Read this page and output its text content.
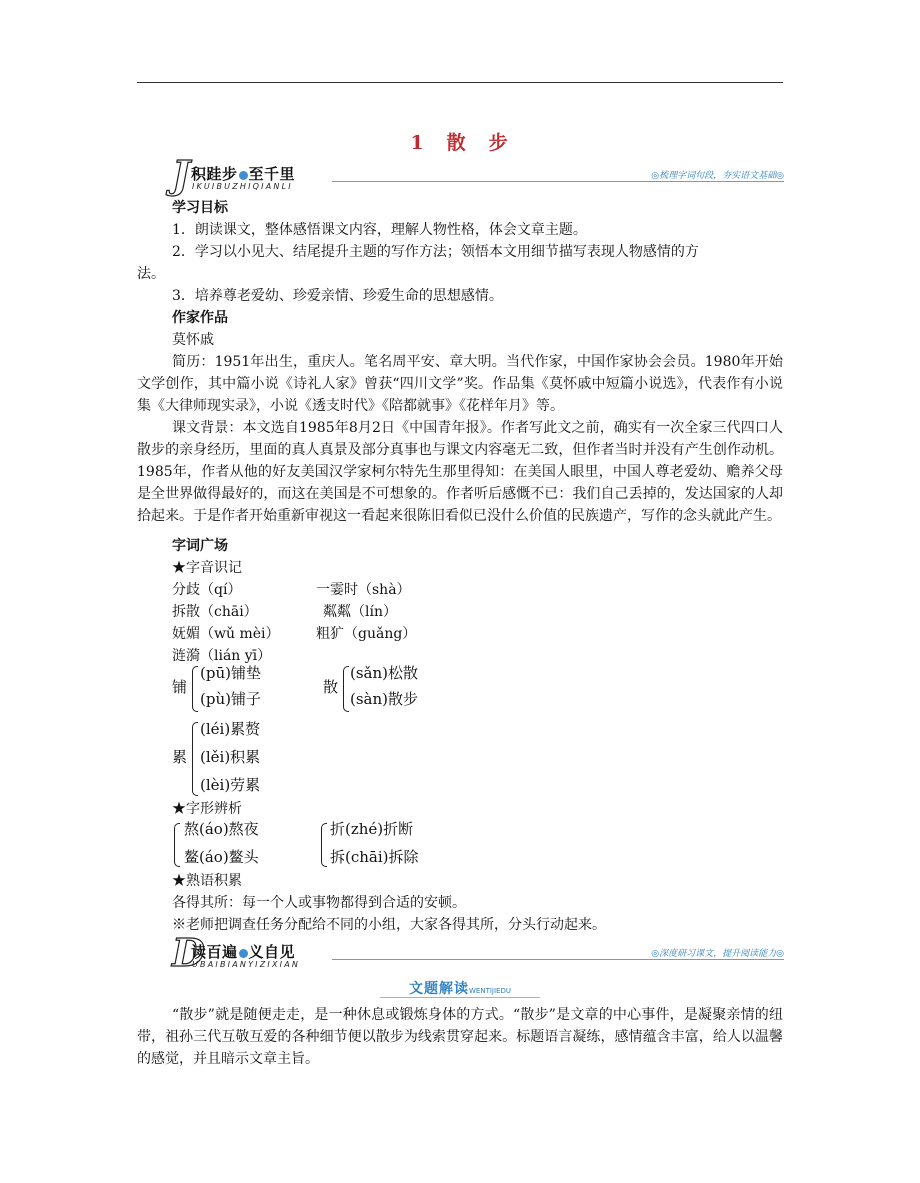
1　散　步
J 积跬步 至千里
IKUIBUZHIQIANLI
◎梳理字词句段，夯实语文基础◎
学习目标
1．朗读课文，整体感悟课文内容，理解人物性格，体会文章主题。
2．学习以小见大、结尾提升主题的写作方法；领悟本文用细节描写表现人物感情的方
法。
3．培养尊老爱幼、珍爱亲情、珍爱生命的思想感情。
作家作品
莫怀戚
简历：1951年出生，重庆人。笔名周平安、章大明。当代作家，中国作家协会会员。1980年开始文学创作，其中篇小说《诗礼人家》曾获“四川文学”奖。作品集《莫怀戚中短篇小说选》，代表作有小说集《大律师现实录》，小说《透支时代》《陪都就事》《花样年月》等。
课文背景：本文选自1985年8月2日《中国青年报》。作者写此文之前，确实有一次全家三代四口人散步的亲身经历，里面的真人真景及部分真事也与课文内容毫无二致，但作者当时并没有产生创作动机。1985年，作者从他的好友美国汉学家柯尔特先生那里得知：在美国人眼里，中国人尊老爱幼、赡养父母是全世界做得最好的，而这在美国是不可想象的。作者听后感慨不已：我们自己丢掉的，发达国家的人却拾起来。于是作者开始重新审视这一看起来很陈旧看似已没什么价值的民族遗产，写作的念头就此产生。
字词广场
★字音识记
分歧（qí）	一霎时（shà）
拆散（chāi）	粼粼（lín）
妩媚（wǔ mèi）	粗犷（guǎng）
涟漪（lián yī）
铺
(pū)铺垫
(pù)铺子
散
(sǎn)松散
(sàn)散步
累
(léi)累赘
(lěi)积累
(lèi)劳累
★字形辨析
熬(áo)熬夜
鳌(áo)鳌头
折(zhé)折断
拆(chāi)拆除
★熟语积累
各得其所：每一个人或事物都得到合适的安顿。
※老师把调查任务分配给不同的小组，大家各得其所，分头行动起来。
D
读百遍 义自见
UBAIBIANYIZIXIAN
◎深度研习课文，提升阅读能力◎
文题解读WENTIJIEDU
“散步”就是随便走走，是一种休息或锻炼身体的方式。“散步”是文章的中心事件，是凝聚亲情的纽带，祖孙三代互敬互爱的各种细节便以散步为线索贯穿起来。标题语言凝练，感情蕴含丰富，给人以温馨的感觉，并且暗示文章主旨。
